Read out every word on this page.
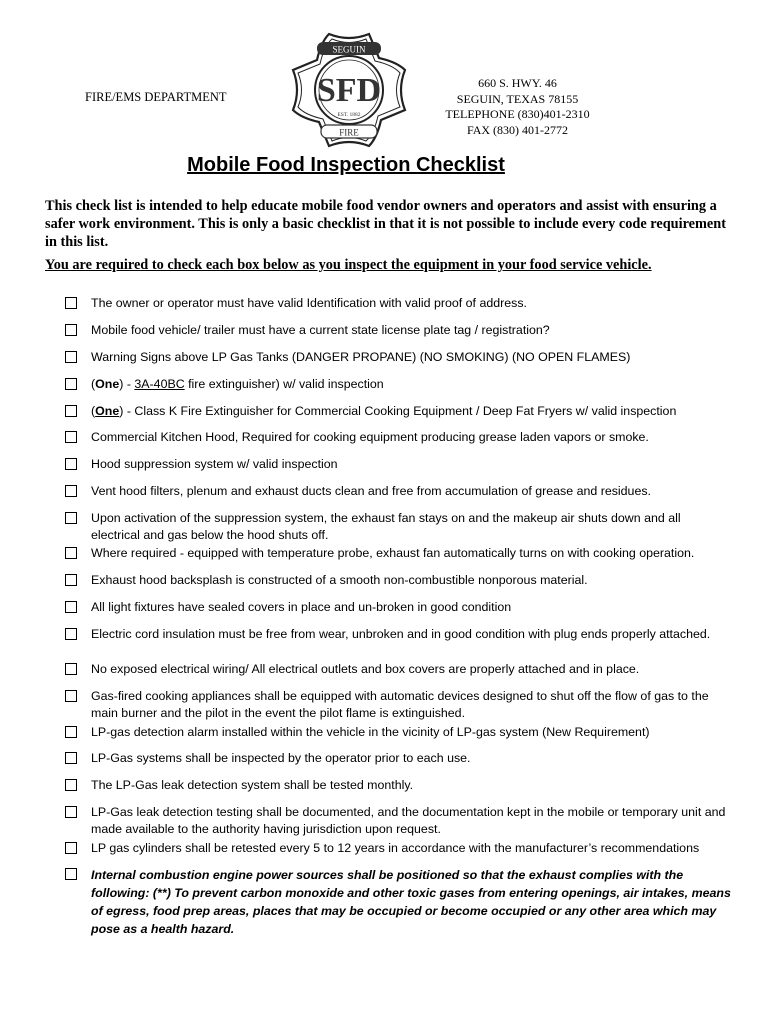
FIRE/EMS DEPARTMENT
SEGUIN
FIRE
SFD
EST. 1882
660 S. HWY. 46
SEGUIN, TEXAS 78155
TELEPHONE (830)401-2310
FAX (830) 401-2772
Mobile Food Inspection Checklist
This check list is intended to help educate mobile food vendor owners and operators and assist with ensuring a safer work environment. This is only a basic checklist in that it is not possible to include every code requirement in this list.
You are required to check each box below as you inspect the equipment in your food service vehicle.
The owner or operator must have valid Identification with valid proof of address.
Mobile food vehicle/ trailer must have a current state license plate tag / registration?
Warning Signs above LP Gas Tanks (DANGER PROPANE) (NO SMOKING) (NO OPEN FLAMES)
(One) - 3A-40BC fire extinguisher) w/ valid inspection
(One) - Class K Fire Extinguisher for Commercial Cooking Equipment / Deep Fat Fryers w/ valid inspection
Commercial Kitchen Hood, Required for cooking equipment producing grease laden vapors or smoke.
Hood suppression system w/ valid inspection
Vent hood filters, plenum and exhaust ducts clean and free from accumulation of grease and residues.
Upon activation of the suppression system, the exhaust fan stays on and the makeup air shuts down and all electrical and gas below the hood shuts off.
Where required - equipped with temperature probe, exhaust fan automatically turns on with cooking operation.
Exhaust hood backsplash is constructed of a smooth non-combustible nonporous material.
All light fixtures have sealed covers in place and un-broken in good condition
Electric cord insulation must be free from wear, unbroken and in good condition with plug ends properly attached.
No exposed electrical wiring/ All electrical outlets and box covers are properly attached and in place.
Gas-fired cooking appliances shall be equipped with automatic devices designed to shut off the flow of gas to the main burner and the pilot in the event the pilot flame is extinguished.
LP-gas detection alarm installed within the vehicle in the vicinity of LP-gas system (New Requirement)
LP-Gas systems shall be inspected by the operator prior to each use.
The LP-Gas leak detection system shall be tested monthly.
LP-Gas leak detection testing shall be documented, and the documentation kept in the mobile or temporary unit and made available to the authority having jurisdiction upon request.
LP gas cylinders shall be retested every 5 to 12 years in accordance with the manufacturer’s recommendations
Internal combustion engine power sources shall be positioned so that the exhaust complies with the following: (**) To prevent carbon monoxide and other toxic gases from entering openings, air intakes, means of egress, food prep areas, places that may be occupied or become occupied or any other area which may pose as a health hazard.
